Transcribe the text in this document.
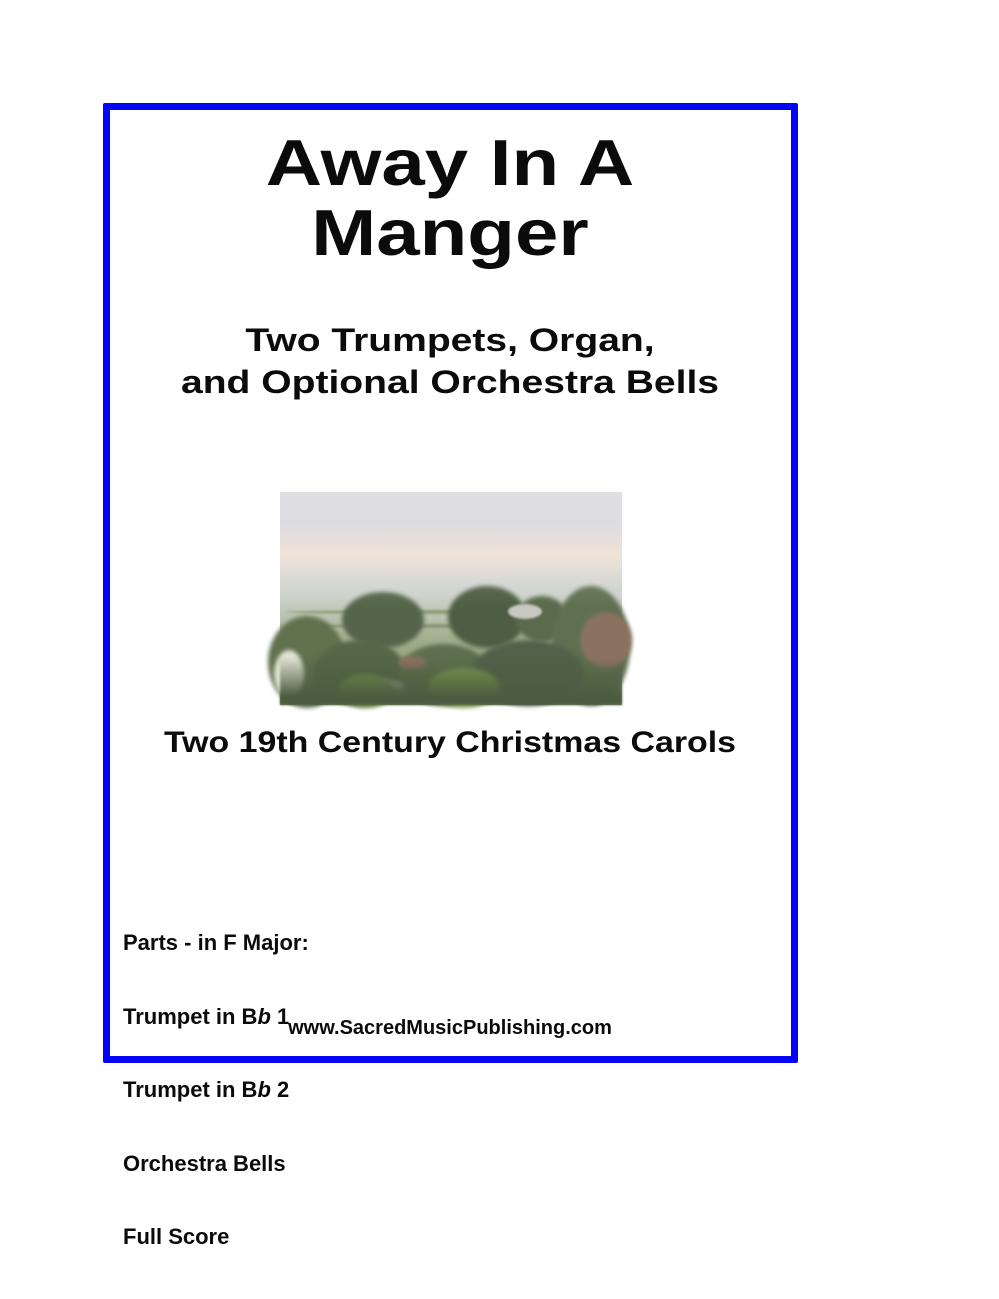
Away In A
Manger
Two Trumpets, Organ,
and Optional Orchestra Bells
Two 19th Century Christmas Carols

Parts - in F Major:

Trumpet in Bb 1

Trumpet in Bb 2

Orchestra Bells

Full Score

www.SacredMusicPublishing.com
